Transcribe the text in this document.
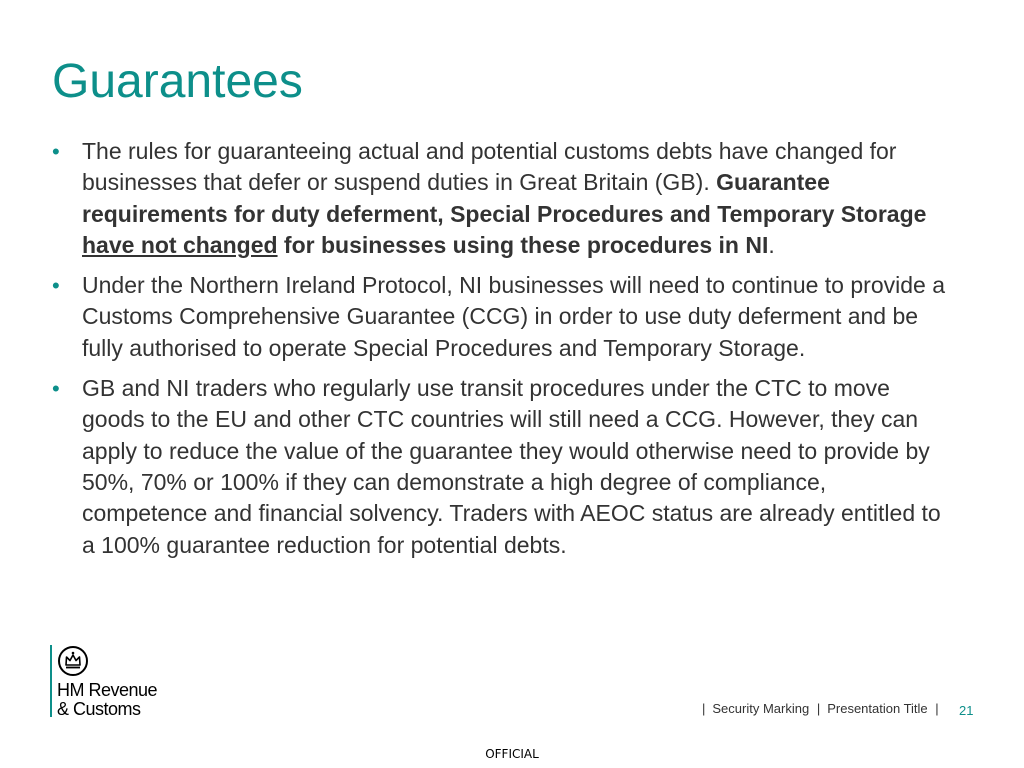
Guarantees
• The rules for guaranteeing actual and potential customs debts have changed for businesses that defer or suspend duties in Great Britain (GB). Guarantee requirements for duty deferment, Special Procedures and Temporary Storage have not changed for businesses using these procedures in NI.
• Under the Northern Ireland Protocol, NI businesses will need to continue to provide a Customs Comprehensive Guarantee (CCG) in order to use duty deferment and be fully authorised to operate Special Procedures and Temporary Storage.
• GB and NI traders who regularly use transit procedures under the CTC to move goods to the EU and other CTC countries will still need a CCG. However, they can apply to reduce the value of the guarantee they would otherwise need to provide by 50%, 70% or 100% if they can demonstrate a high degree of compliance, competence and financial solvency. Traders with AEOC status are already entitled to a 100% guarantee reduction for potential debts.
HM Revenue
& Customs	| Security Marking | Presentation Title |	21
OFFICIAL
